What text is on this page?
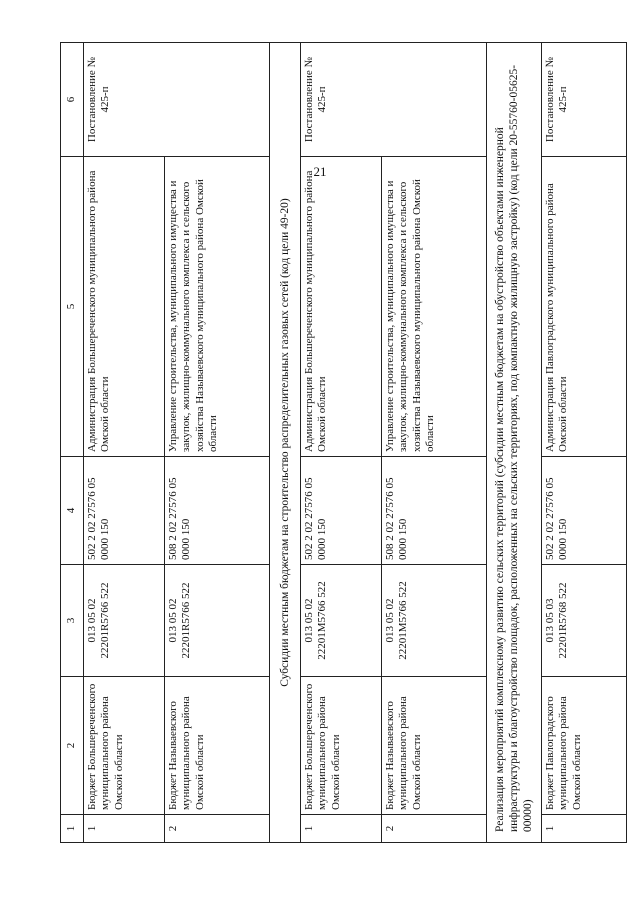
21
1	2	3	4	5	6
1	Бюджет Большереченского муниципального района Омской области	013 05 02 22201R5766 522	502 2 02 27576 05 0000 150	Администрация Большереченского муниципального района Омской области	Постановление № 425-п
2	Бюджет Называевского муниципального района Омской области	013 05 02 22201R5766 522	508 2 02 27576 05 0000 150	Управление строительства, муниципального имущества и закупок, жилищно-коммунального комплекса и сельского хозяйства Называевского муниципального района Омской области	
Субсидии местным бюджетам на строительство распределительных газовых сетей (код цели 49-20)					
1	Бюджет Большереченского муниципального района Омской области	013 05 02 22201M5766 522	502 2 02 27576 05 0000 150	Администрация Большереченского муниципального района Омской области	Постановление № 425-п
2	Бюджет Называевского муниципального района Омской области	013 05 02 22201M5766 522	508 2 02 27576 05 0000 150	Управление строительства, муниципального имущества и закупок, жилищно-коммунального комплекса и сельского хозяйства Называевского муниципального района Омской области	
Реализация мероприятий комплексному развитию сельских территорий (субсидии местным бюджетам на обустройство объектами инженерной инфраструктуры и благоустройство площадок, расположенных на сельских территориях, под компактную жилищную застройку) (код цели 20-55760-05625-00000)					
1	Бюджет Павлоградского муниципального района Омской области	013 05 03 22201R5768 522	502 2 02 27576 05 0000 150	Администрация Павлоградского муниципального района Омской области	Постановление № 425-п
